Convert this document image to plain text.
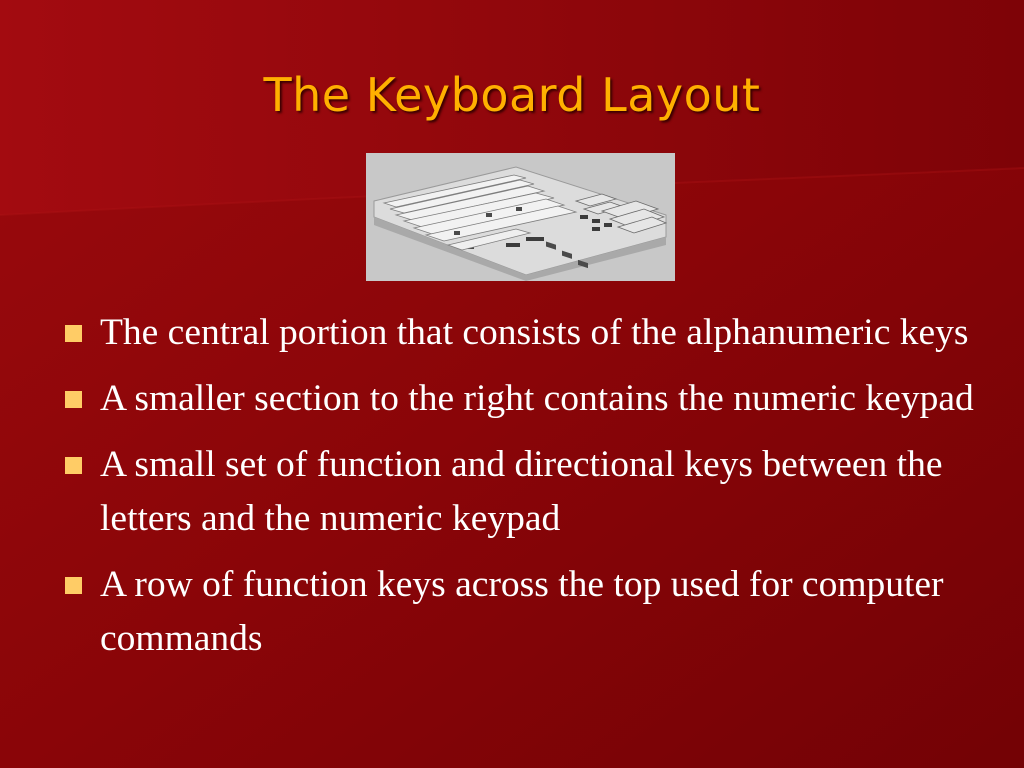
The Keyboard Layout
The central portion that consists of the alphanumeric keys
A smaller section to the right contains the numeric keypad
A small set of function and directional keys between the letters and the numeric keypad
A row of function keys across the top used for computer commands
